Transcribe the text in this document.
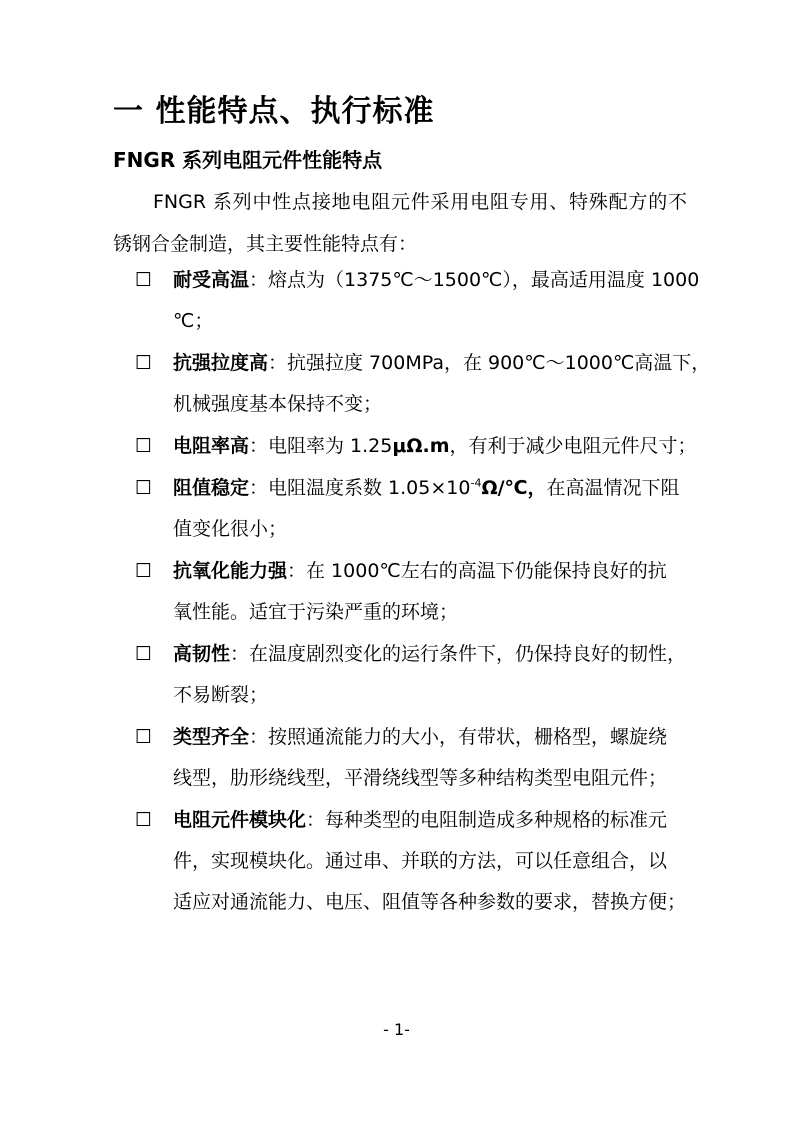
一 性能特点、执行标准
FNGR 系列电阻元件性能特点
FNGR 系列中性点接地电阻元件采用电阻专用、特殊配方的不锈钢合金制造，其主要性能特点有：
☐ 耐受高温：熔点为（1375℃～1500℃），最高适用温度 1000
℃；
☐ 抗强拉度高：抗强拉度 700MPa，在 900℃～1000℃高温下，
机械强度基本保持不变；
☐ 电阻率高：电阻率为 1.25μΩ.m，有利于减少电阻元件尺寸；
☐ 阻值稳定：电阻温度系数 $1.05\times 10^{-4}\Omega/℃$，在高温情况下阻
值变化很小；
☐ 抗氧化能力强：在 1000℃左右的高温下仍能保持良好的抗
氧性能。适宜于污染严重的环境；
☐ 高韧性：在温度剧烈变化的运行条件下，仍保持良好的韧性，
不易断裂；
☐ 类型齐全：按照通流能力的大小，有带状，栅格型，螺旋绕
线型，肋形绕线型，平滑绕线型等多种结构类型电阻元件；
☐ 电阻元件模块化：每种类型的电阻制造成多种规格的标准元
件，实现模块化。通过串、并联的方法，可以任意组合，以
适应对通流能力、电压、阻值等各种参数的要求，替换方便；
- 1-
